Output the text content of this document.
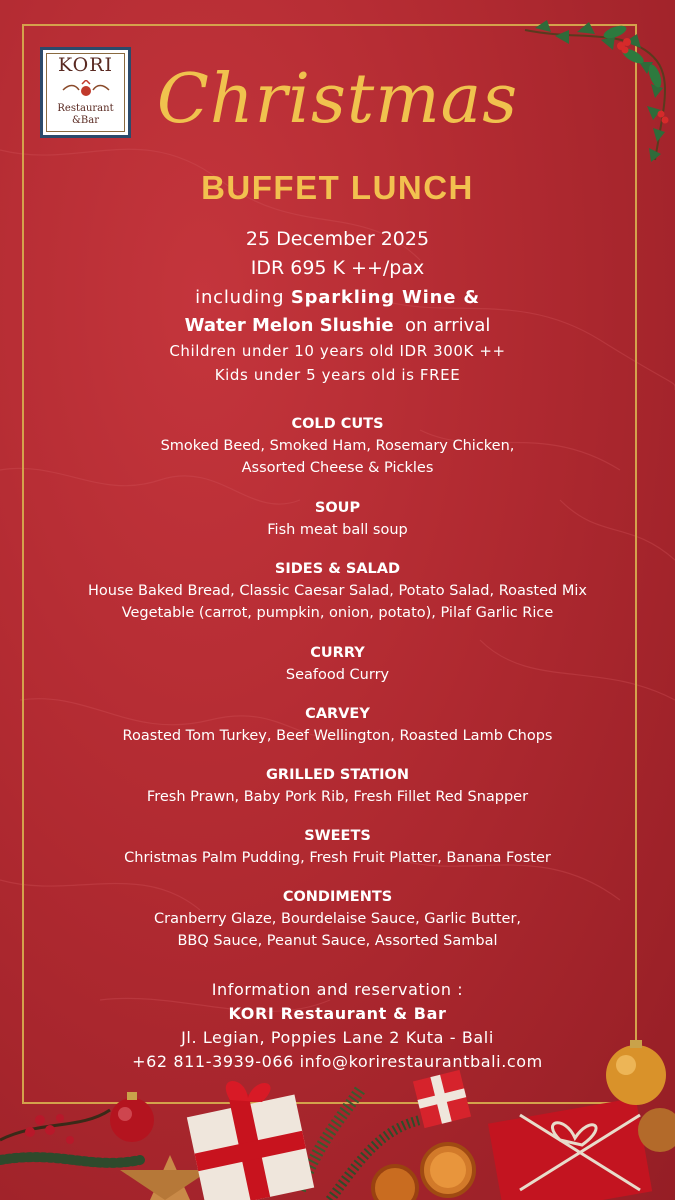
KORI
Restaurant
&Bar Christmas
BUFFET LUNCH
25 December 2025
IDR 695 K ++/pax
including Sparkling Wine &
Water Melon Slushie  on arrival
Children under 10 years old IDR 300K ++
Kids under 5 years old is FREE
COLD CUTS
Smoked Beed, Smoked Ham, Rosemary Chicken,
Assorted Cheese & Pickles
SOUP
Fish meat ball soup
SIDES & SALAD
House Baked Bread, Classic Caesar Salad, Potato Salad, Roasted Mix
Vegetable (carrot, pumpkin, onion, potato), Pilaf Garlic Rice
CURRY
Seafood Curry
CARVEY
Roasted Tom Turkey, Beef Wellington, Roasted Lamb Chops
GRILLED STATION
Fresh Prawn, Baby Pork Rib, Fresh Fillet Red Snapper
SWEETS
Christmas Palm Pudding, Fresh Fruit Platter, Banana Foster
CONDIMENTS
Cranberry Glaze, Bourdelaise Sauce, Garlic Butter,
BBQ Sauce, Peanut Sauce, Assorted Sambal
Information and reservation :
KORI Restaurant & Bar
Jl. Legian, Poppies Lane 2 Kuta - Bali
+62 811-3939-066 info@korirestaurantbali.com
